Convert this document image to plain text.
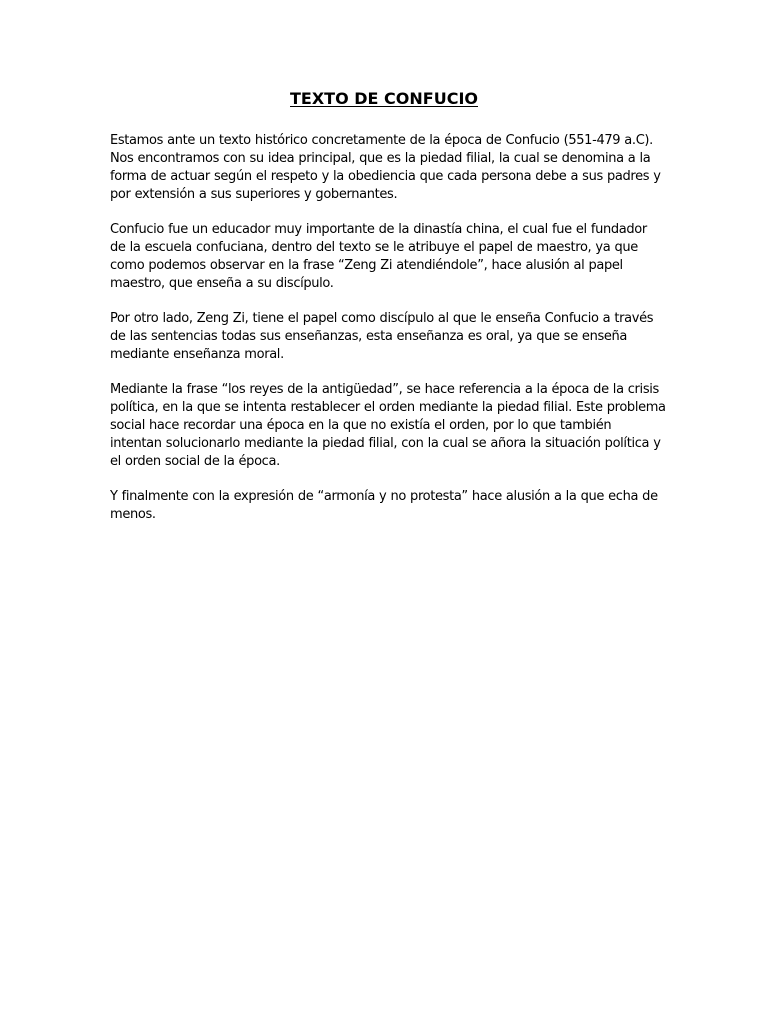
TEXTO DE CONFUCIO

Estamos ante un texto histórico concretamente de la época de Confucio (551-479 a.C). Nos encontramos con su idea principal, que es la piedad filial, la cual se denomina a la forma de actuar según el respeto y la obediencia que cada persona debe a sus padres y por extensión a sus superiores y gobernantes.

Confucio fue un educador muy importante de la dinastía china, el cual fue el fundador de la escuela confuciana, dentro del texto se le atribuye el papel de maestro, ya que como podemos observar en la frase “Zeng Zi atendiéndole”, hace alusión al papel maestro, que enseña a su discípulo.

Por otro lado, Zeng Zi, tiene el papel como discípulo al que le enseña Confucio a través de las sentencias todas sus enseñanzas, esta enseñanza es oral, ya que se enseña mediante enseñanza moral.

Mediante la frase “los reyes de la antigüedad”, se hace referencia a la época de la crisis política, en la que se intenta restablecer el orden mediante la piedad filial. Este problema social hace recordar una época en la que no existía el orden, por lo que también intentan solucionarlo mediante la piedad filial, con la cual se añora la situación política y el orden social de la época.

Y finalmente con la expresión de “armonía y no protesta” hace alusión a la que echa de menos.
